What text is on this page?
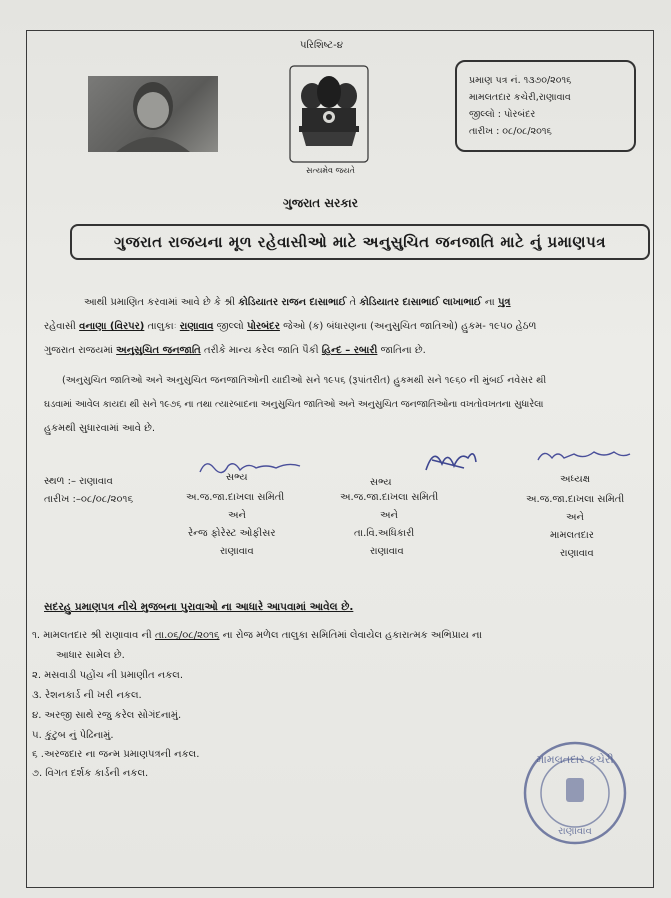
પરિશિષ્ટ-૪
સત્યમેવ જયતે
ગુજરાત સરકાર
પ્રમાણ પત્ર નં. ૧૩૭૦/૨૦૧૬
મામલતદાર કચેરી,રાણાવાવ
જીલ્લો : પોરબંદર
તારીખ : ૦૮/૦૮/૨૦૧૬
ગુજરાત રાજયના મૂળ રહેવાસીઓ માટે અનુસુચિત જનજાતિ માટે નું પ્રમાણપત્ર
આથી પ્રમાણિત કરવામાં આવે છે કે શ્રી કોડિયાતર રાજન દાસાભાઈ તે કોડિયાતર દાસાભાઈ લાખાભાઈ ના પુત્ર
રહેવાસી વનાણા (વિરપર) તાલુકાઃ રાણાવાવ જીલ્લો પોરબંદર જેઓ (ક) બંધારણના (અનુસુચિત જાતિઓ) હુકમ- ૧૯૫૦ હેઠળ
ગુજરાત રાજયમાં અનુસુચિત જનજાતિ તરીકે માન્ય કરેલ જાતિ પૈકી હિન્દ – રબારી જાતિના છે.
(અનુસુચિત જાતિઓ અને અનુસુચિત જનજાતિઓની યાદીઓ સને ૧૯૫૬ (રૂપાંતરીત) હુકમથી સને ૧૯૬૦ ની મુંબઈ નવેસર થી
ઘડવામાં આવેલ કાયદા થી સને ૧૯૭૬ ના તથા ત્યારબાદના અનુસુચિત જાતિઓ અને અનુસુચિત જનજાતિઓના વખતોવખતના સુધારેલા
હુકમથી સુધારવામાં આવે છે.
સ્થળ :– રાણાવાવ
તારીખ :–૦૮/૦૮/૨૦૧૬
સભ્ય
અ.જ.જા.દાખલા સમિતી
અને
રેન્જ ફોરેસ્ટ ઓફીસર
રાણાવાવ
સભ્ય
અ.જ.જા.દાખલા સમિતી
અને
તા.વિ.અધિકારી
રાણાવાવ
અધ્યક્ષ
અ.જ.જા.દાખલા સમિતી
અને
મામલતદાર
રાણાવાવ
સદરહુ પ્રમાણપત્ર નીચે મુજબના પુરાવાઓ ના આધારે આપવામાં આવેલ છે.
૧. મામલતદાર શ્રી રાણાવાવ ની તા.૦૬/૦૮/૨૦૧૬ ના રોજ મળેલ તાલુકા સમિતિમાં લેવાયેલ હકારાત્મક અભિપ્રાય ના
આધાર સામેલ છે.
૨. મસવાડી પહોંચ ની પ્રમાણીત નકલ.
૩. રેશનકાર્ડ ની ખરી નકલ.
૪. અરજી સાથે રજુ કરેલ સોગંદનામું.
૫. કુંટુબ નું પેઢિનામું.
૬ .અરજદાર ના જન્મ પ્રમાણપત્રની નકલ.
૭. વિગત દર્શક કાર્ડની નકલ.
મામલતદાર કચેરી
રાણાવાવ
